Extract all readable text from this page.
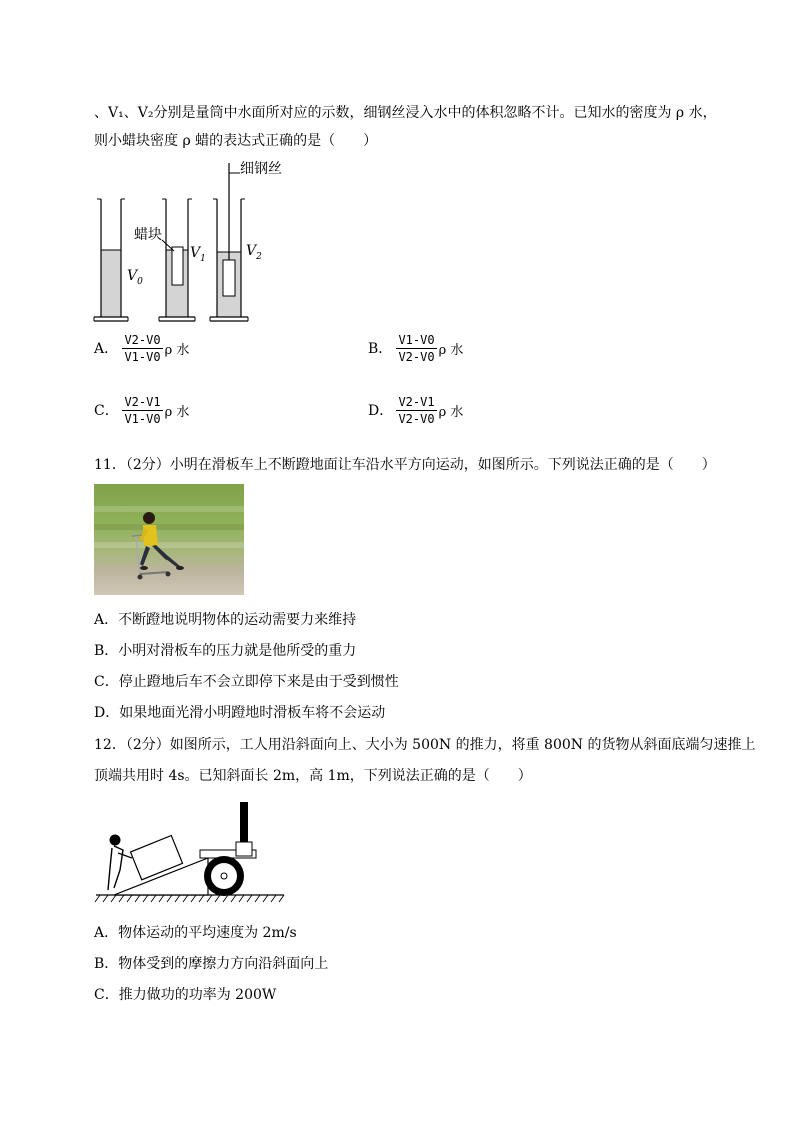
、V₁、V₂分别是量筒中水面所对应的示数，细钢丝浸入水中的体积忽略不计。已知水的密度为 ρ 水，
则小蜡块密度 ρ 蜡的表达式正确的是（　　）
细钢丝
蜡块
$V_0$
$V_1$	$V_2$
A． $\frac{V2-V0}{V1-V0}$ ρ 水	B． $\frac{V1-V0}{V2-V0}$ ρ 水
C． $\frac{V2-V1}{V1-V0}$ ρ 水	D． $\frac{V2-V1}{V2-V0}$ ρ 水
11．（2分）小明在滑板车上不断蹬地面让车沿水平方向运动，如图所示。下列说法正确的是（　　）
A．不断蹬地说明物体的运动需要力来维持
B．小明对滑板车的压力就是他所受的重力
C．停止蹬地后车不会立即停下来是由于受到惯性
D．如果地面光滑小明蹬地时滑板车将不会运动
12．（2分）如图所示，工人用沿斜面向上、大小为 500N 的推力，将重 800N 的货物从斜面底端匀速推上
顶端共用时 4s。已知斜面长 2m，高 1m，下列说法正确的是（　　）
A．物体运动的平均速度为 2m/s
B．物体受到的摩擦力方向沿斜面向上
C．推力做功的功率为 200W
